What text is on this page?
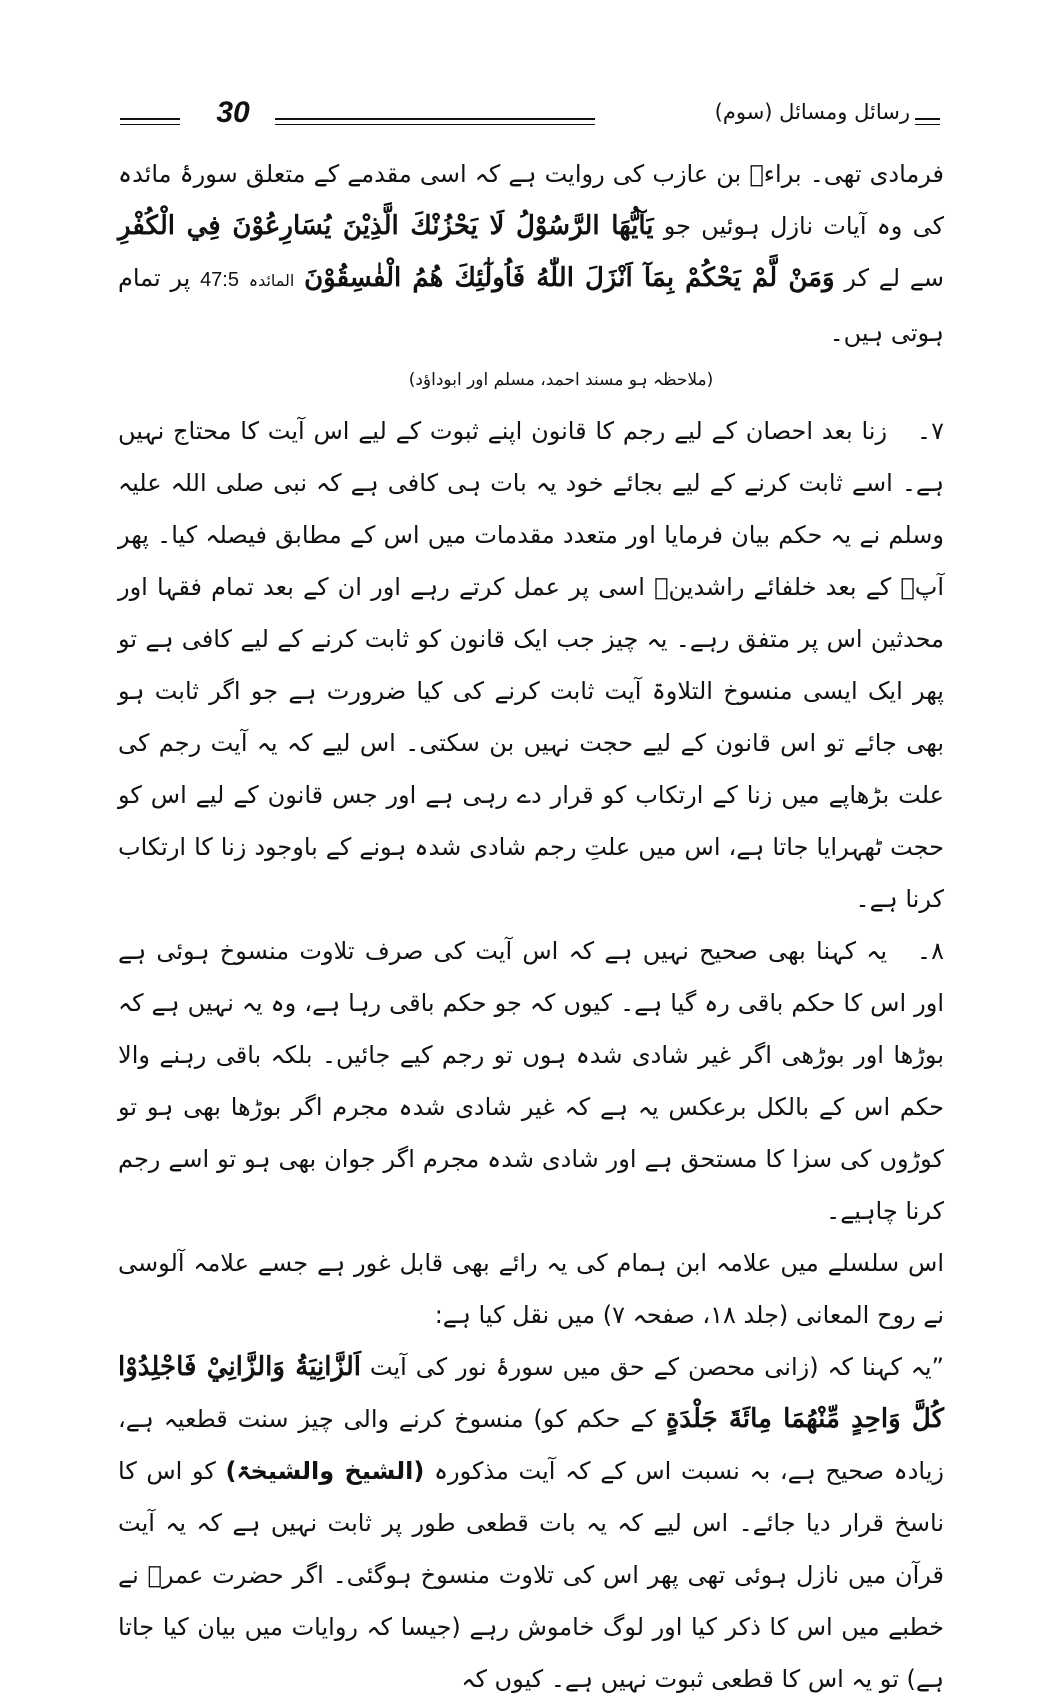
30	رسائل ومسائل (سوم)

فرمادی تھی۔ براءؓ بن عازب کی روایت ہے کہ اسی مقدمے کے متعلق سورۂ مائدہ کی وہ آیات نازل ہوئیں جو يَآيُّهَا الرَّسُوْلُ لَا يَحْزُنْكَ الَّذِيْنَ يُسَارِعُوْنَ فِي الْكُفْرِ سے لے کر وَمَنْ لَّمْ يَحْكُمْ بِمَآ اَنْزَلَ اللّٰهُ فَاُولٰٓئِكَ هُمُ الْفٰسِقُوْنَ المائدہ 47:5 پر تمام ہوتی ہیں۔

(ملاحظہ ہو مسند احمد، مسلم اور ابوداؤد)

۷۔زنا بعد احصان کے لیے رجم کا قانون اپنے ثبوت کے لیے اس آیت کا محتاج نہیں ہے۔ اسے ثابت کرنے کے لیے بجائے خود یہ بات ہی کافی ہے کہ نبی صلی اللہ علیہ وسلم نے یہ حکم بیان فرمایا اور متعدد مقدمات میں اس کے مطابق فیصلہ کیا۔ پھر آپؐ کے بعد خلفائے راشدینؓ اسی پر عمل کرتے رہے اور ان کے بعد تمام فقہا اور محدثین اس پر متفق رہے۔ یہ چیز جب ایک قانون کو ثابت کرنے کے لیے کافی ہے تو پھر ایک ایسی منسوخ التلاوۃ آیت ثابت کرنے کی کیا ضرورت ہے جو اگر ثابت ہو بھی جائے تو اس قانون کے لیے حجت نہیں بن سکتی۔ اس لیے کہ یہ آیت رجم کی علت بڑھاپے میں زنا کے ارتکاب کو قرار دے رہی ہے اور جس قانون کے لیے اس کو حجت ٹھہرایا جاتا ہے، اس میں علتِ رجم شادی شدہ ہونے کے باوجود زنا کا ارتکاب کرنا ہے۔

۸۔یہ کہنا بھی صحیح نہیں ہے کہ اس آیت کی صرف تلاوت منسوخ ہوئی ہے اور اس کا حکم باقی رہ گیا ہے۔ کیوں کہ جو حکم باقی رہا ہے، وہ یہ نہیں ہے کہ بوڑھا اور بوڑھی اگر غیر شادی شدہ ہوں تو رجم کیے جائیں۔ بلکہ باقی رہنے والا حکم اس کے بالکل برعکس یہ ہے کہ غیر شادی شدہ مجرم اگر بوڑھا بھی ہو تو کوڑوں کی سزا کا مستحق ہے اور شادی شدہ مجرم اگر جوان بھی ہو تو اسے رجم کرنا چاہیے۔

اس سلسلے میں علامہ ابن ہمام کی یہ رائے بھی قابل غور ہے جسے علامہ آلوسی نے روح المعانی (جلد ۱۸، صفحہ ۷) میں نقل کیا ہے:

”یہ کہنا کہ (زانی محصن کے حق میں سورۂ نور کی آیت اَلزَّانِيَةُ وَالزَّانِيْ فَاجْلِدُوْا كُلَّ وَاحِدٍ مِّنْهُمَا مِائَةَ جَلْدَةٍ کے حکم کو) منسوخ کرنے والی چیز سنت قطعیہ ہے، زیادہ صحیح ہے، بہ نسبت اس کے کہ آیت مذکورہ (الشیخ والشیخۃ) کو اس کا ناسخ قرار دیا جائے۔ اس لیے کہ یہ بات قطعی طور پر ثابت نہیں ہے کہ یہ آیت قرآن میں نازل ہوئی تھی پھر اس کی تلاوت منسوخ ہوگئی۔ اگر حضرت عمرؓ نے خطبے میں اس کا ذکر کیا اور لوگ خاموش رہے (جیسا کہ روایات میں بیان کیا جاتا ہے) تو یہ اس کا قطعی ثبوت نہیں ہے۔ کیوں کہ
